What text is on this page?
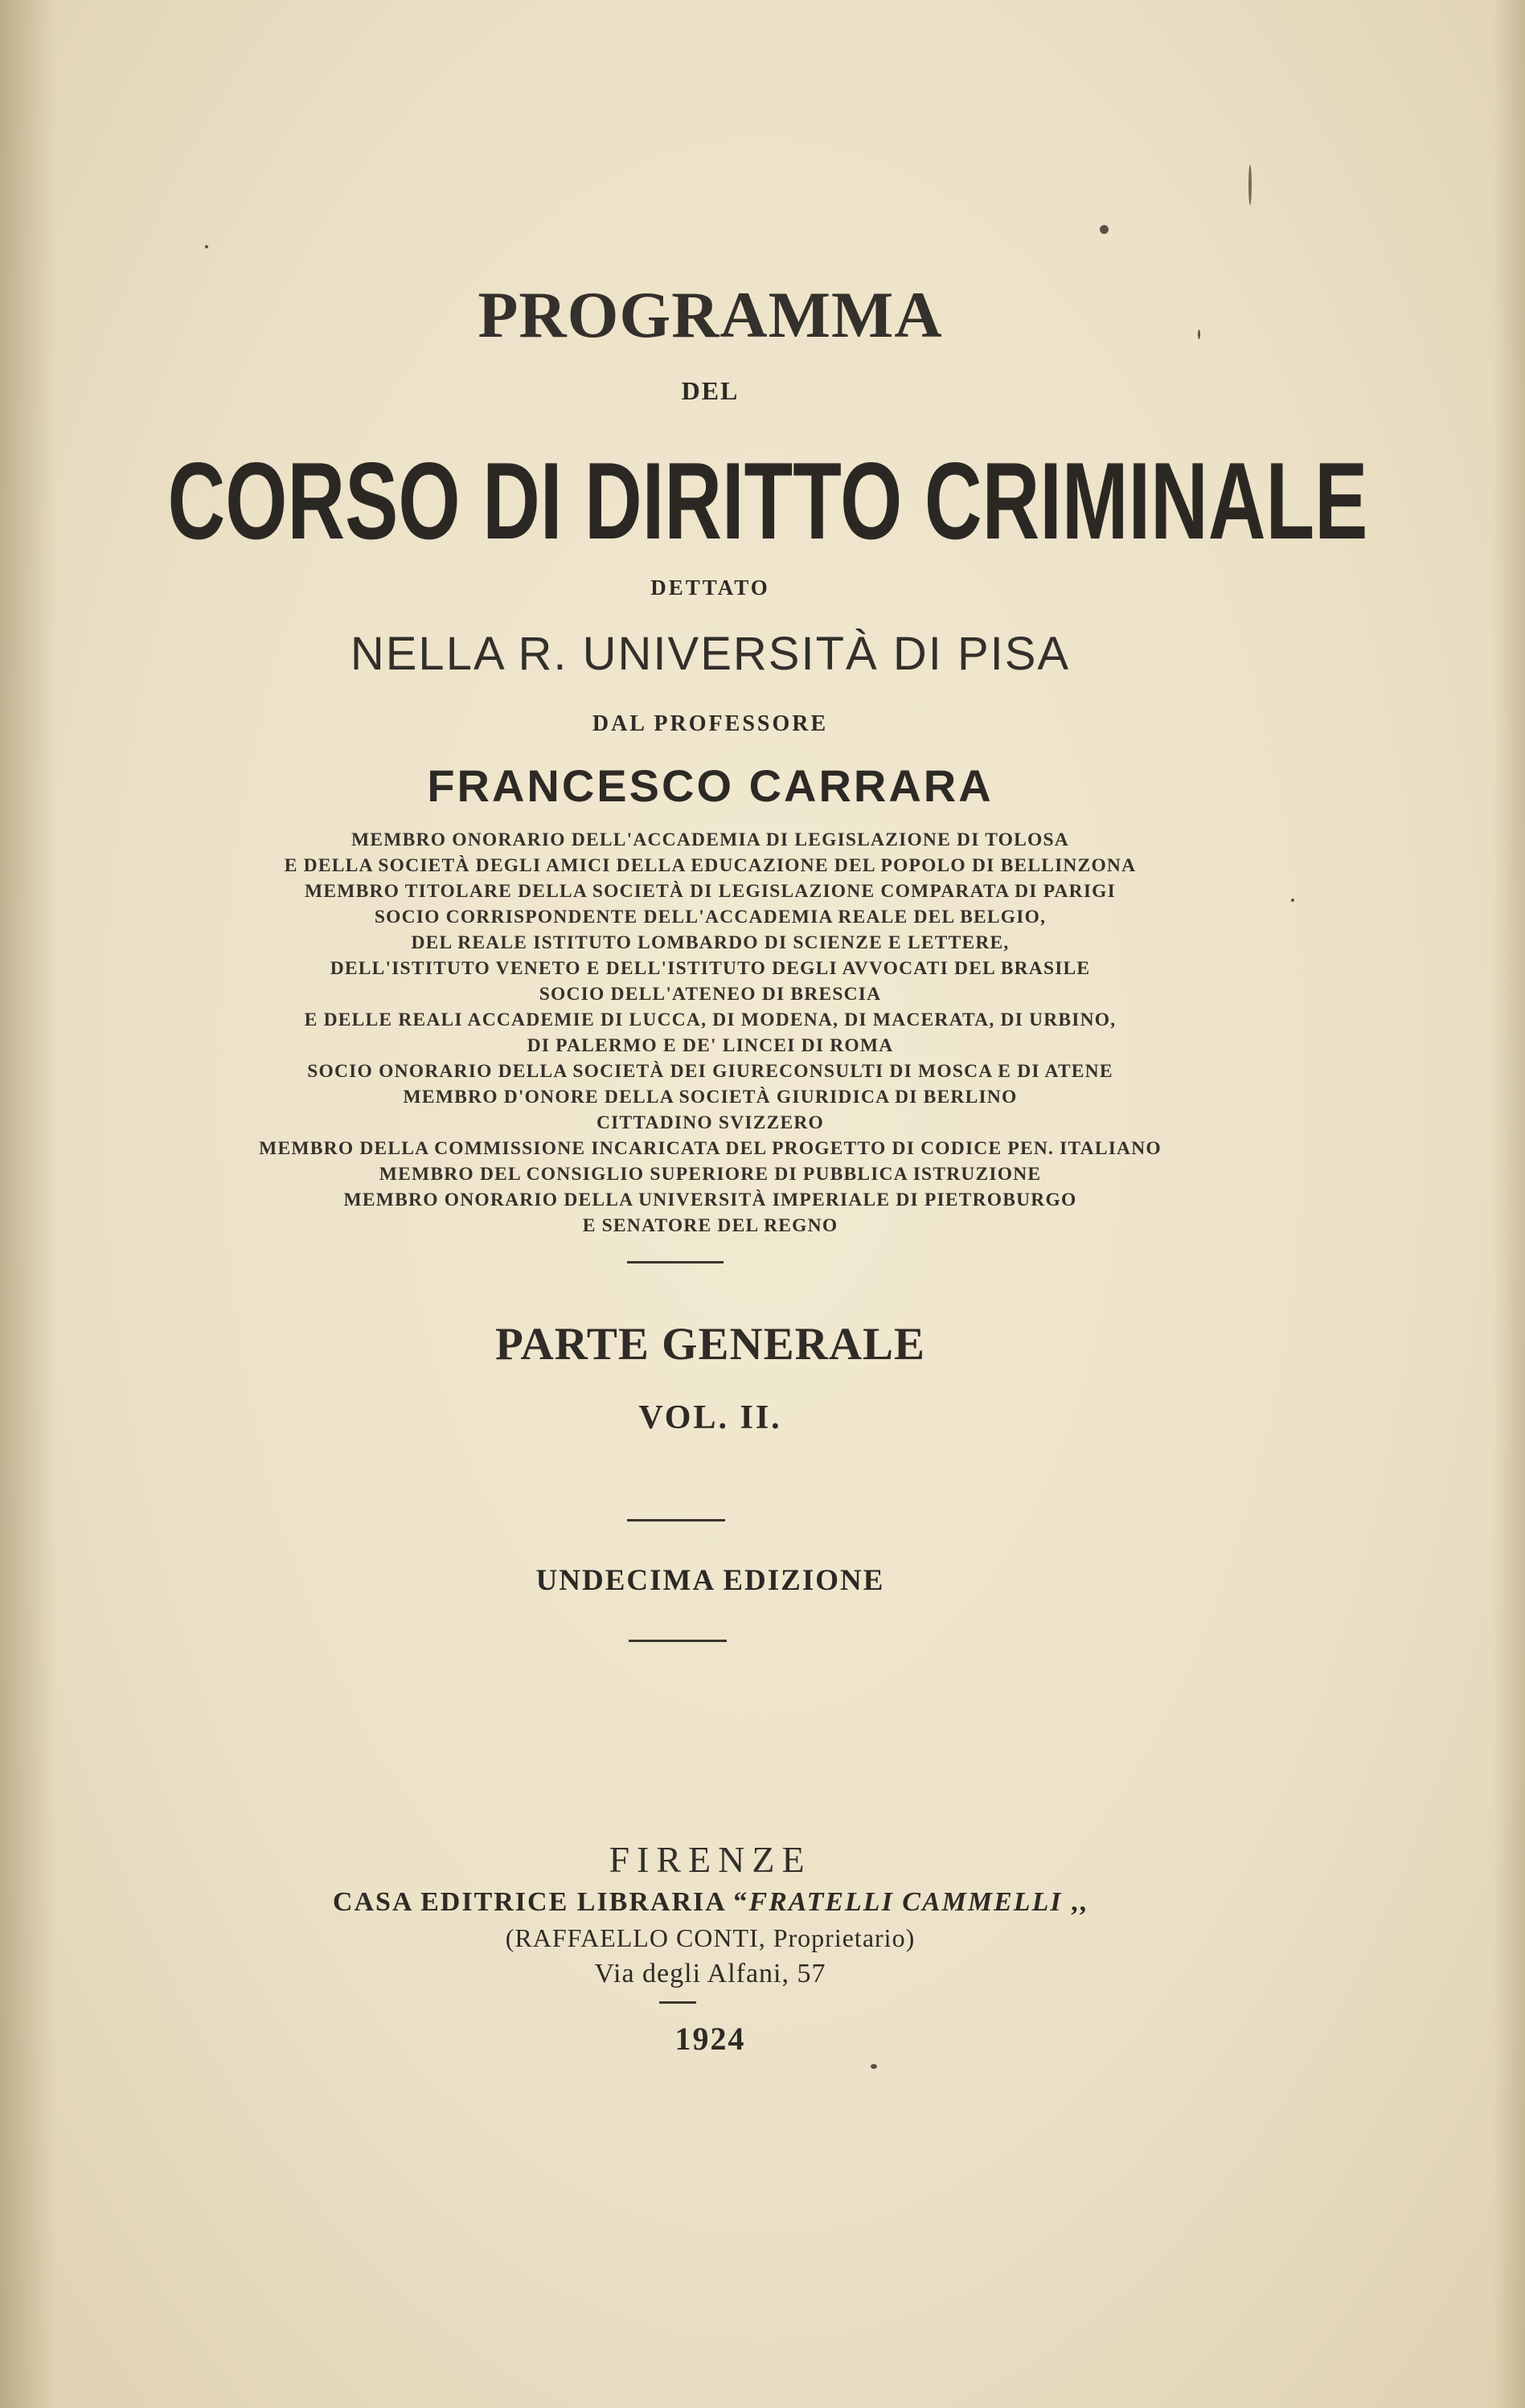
PROGRAMMA

DEL

CORSO DI DIRITTO CRIMINALE

DETTATO

NELLA R. UNIVERSITÀ DI PISA

DAL PROFESSORE

FRANCESCO CARRARA

MEMBRO ONORARIO DELL'ACCADEMIA DI LEGISLAZIONE DI TOLOSA
E DELLA SOCIETÀ DEGLI AMICI DELLA EDUCAZIONE DEL POPOLO DI BELLINZONA
MEMBRO TITOLARE DELLA SOCIETÀ DI LEGISLAZIONE COMPARATA DI PARIGI
SOCIO CORRISPONDENTE DELL'ACCADEMIA REALE DEL BELGIO,
DEL REALE ISTITUTO LOMBARDO DI SCIENZE E LETTERE,
DELL'ISTITUTO VENETO E DELL'ISTITUTO DEGLI AVVOCATI DEL BRASILE
SOCIO DELL'ATENEO DI BRESCIA
E DELLE REALI ACCADEMIE DI LUCCA, DI MODENA, DI MACERATA, DI URBINO,
DI PALERMO E DE' LINCEI DI ROMA
SOCIO ONORARIO DELLA SOCIETÀ DEI GIURECONSULTI DI MOSCA E DI ATENE
MEMBRO D'ONORE DELLA SOCIETÀ GIURIDICA DI BERLINO
CITTADINO SVIZZERO
MEMBRO DELLA COMMISSIONE INCARICATA DEL PROGETTO DI CODICE PEN. ITALIANO
MEMBRO DEL CONSIGLIO SUPERIORE DI PUBBLICA ISTRUZIONE
MEMBRO ONORARIO DELLA UNIVERSITÀ IMPERIALE DI PIETROBURGO
E SENATORE DEL REGNO

PARTE GENERALE

VOL. II.

UNDECIMA EDIZIONE

FIRENZE

CASA EDITRICE LIBRARIA “FRATELLI CAMMELLI ,,

(RAFFAELLO CONTI, Proprietario)

Via degli Alfani, 57

1924
